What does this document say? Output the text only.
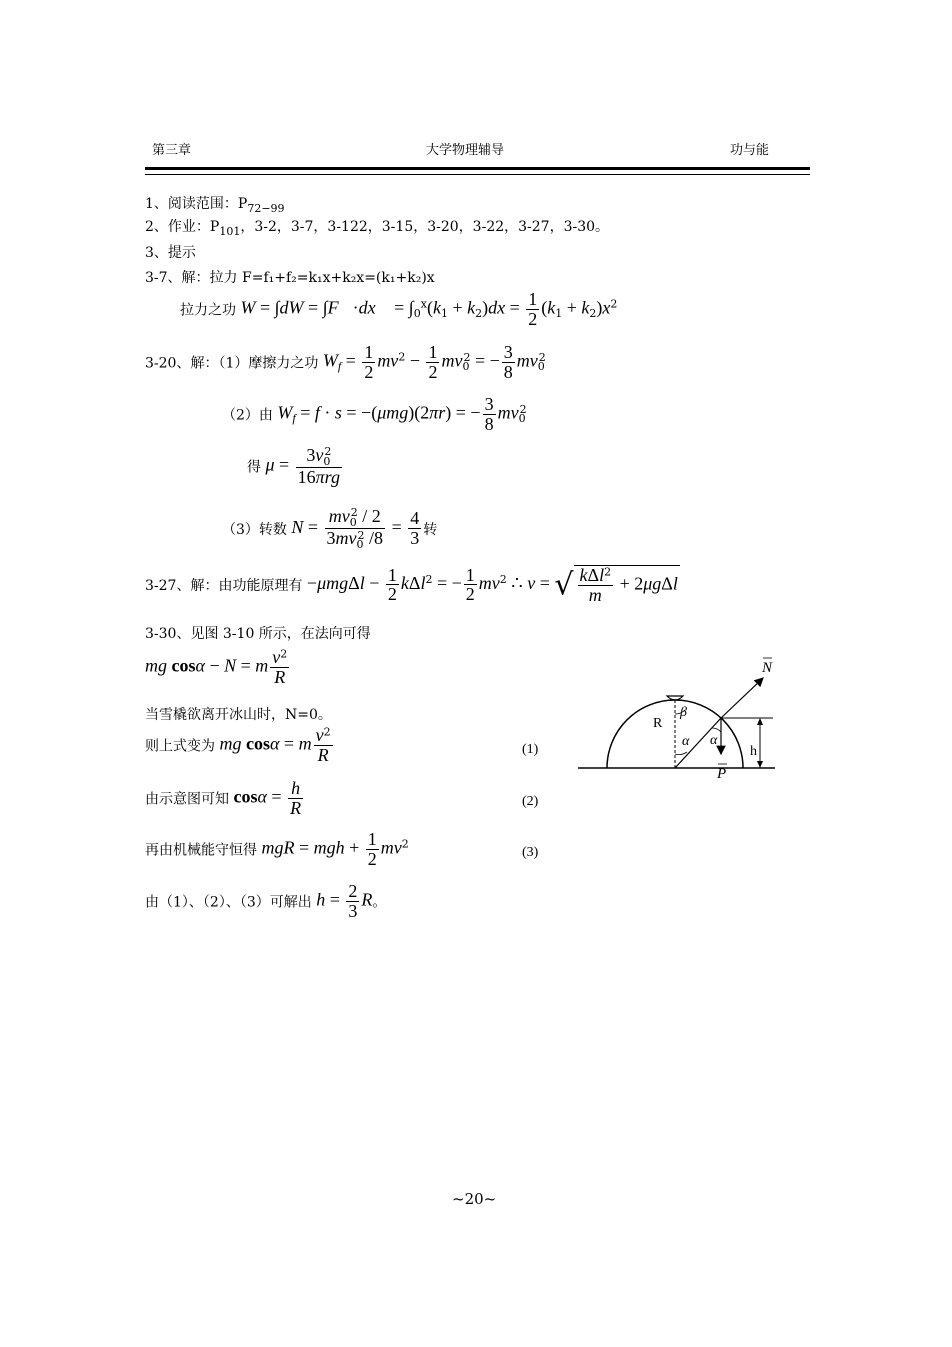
第三章	大学物理辅导	功与能
1、阅读范围：$P_{72-99}$
2、作业：$P_{101}$，3-2，3-7，3-122，3-15，3-20，3-22，3-27，3-30。
3、提示
3-7、解：拉力 F=f₁+f₂=k₁x+k₂x=(k₁+k₂)x
拉力之功 W = ∫dW = ∫F⃗·dx⃗ = $\int_0^x(k_1 + k_2)dx = \frac{1}{2} (k_1 + k_2)x^2$
3-20、解：（1）摩擦力之功 $Wf = \frac{1}{2} mv^2 - \frac{1}{2} mv_0^2$ = − $\frac{3}{8} mv_0^2$
（2）由 Wf = f · s = −(μmg)(2πr) = − $\frac{3}{8} mv_0^2$
得 $\mu = \frac{3v_0^2}{\text{16πrg}}$
（3）转数 $N = \frac{mv_0^2 / 2}{3mv_0^2 /8} = \frac{4}{3}$ 转
3-27、解：由功能原理有 $-\mu mg\Delta l - \frac{1}{2} k\Delta l^2$ = − $\frac{1}{2} mv^2$ ∴ v = √ $\frac{k\Delta l^2}{m} + 2\mu g\Delta l$
3-30、见图 3-10 所示，在法向可得
mg cosα − N = m $\frac{v^2}{R}$
当雪橇欲离开冰山时，N=0。
则上式变为 mg cosα = m $\frac{v^2}{R}$	(1)
由示意图可知 $\cos\alpha = \frac{h}{R}$	(2)
再由机械能守恒得 mgR = mgh + $\frac{1}{2} mv^2$
(3)
由（1）、（2）、（3）可解出 $h = \frac{2}{3}$ R。
R
β
α α
h
N
P
~20~
